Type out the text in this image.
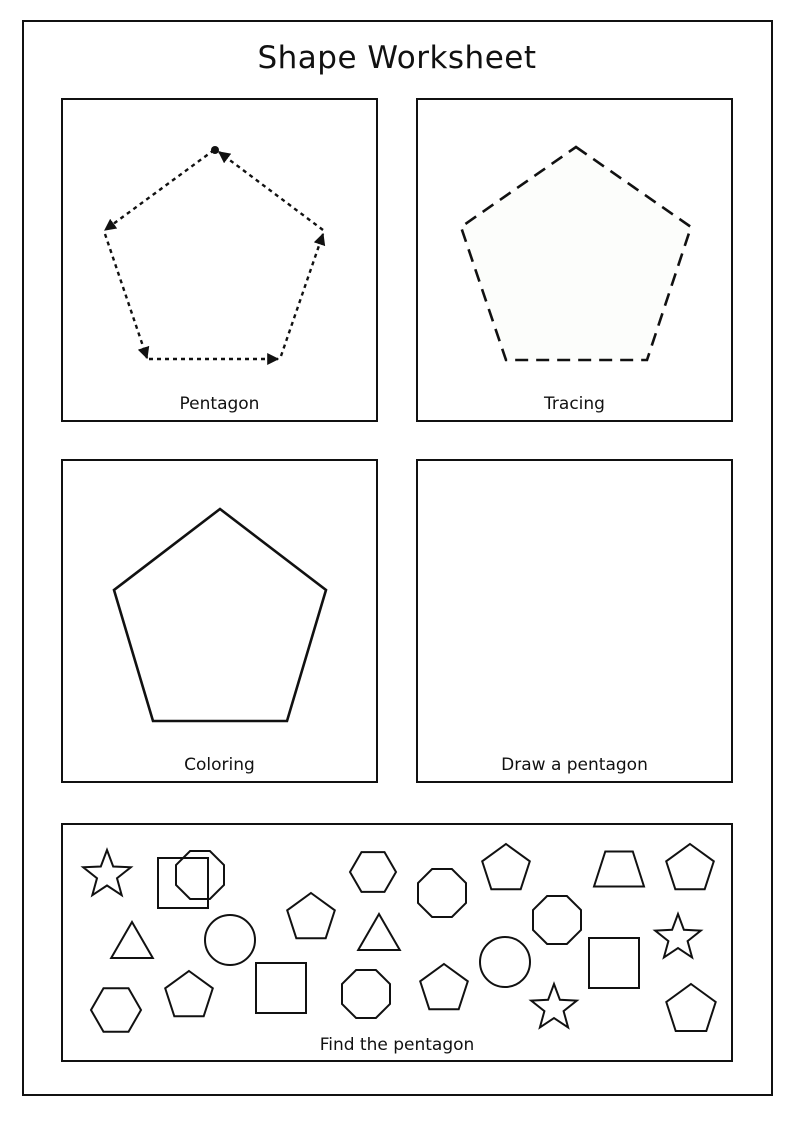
Shape Worksheet
Pentagon	Tracing
Coloring	Draw a pentagon
Find the pentagon
